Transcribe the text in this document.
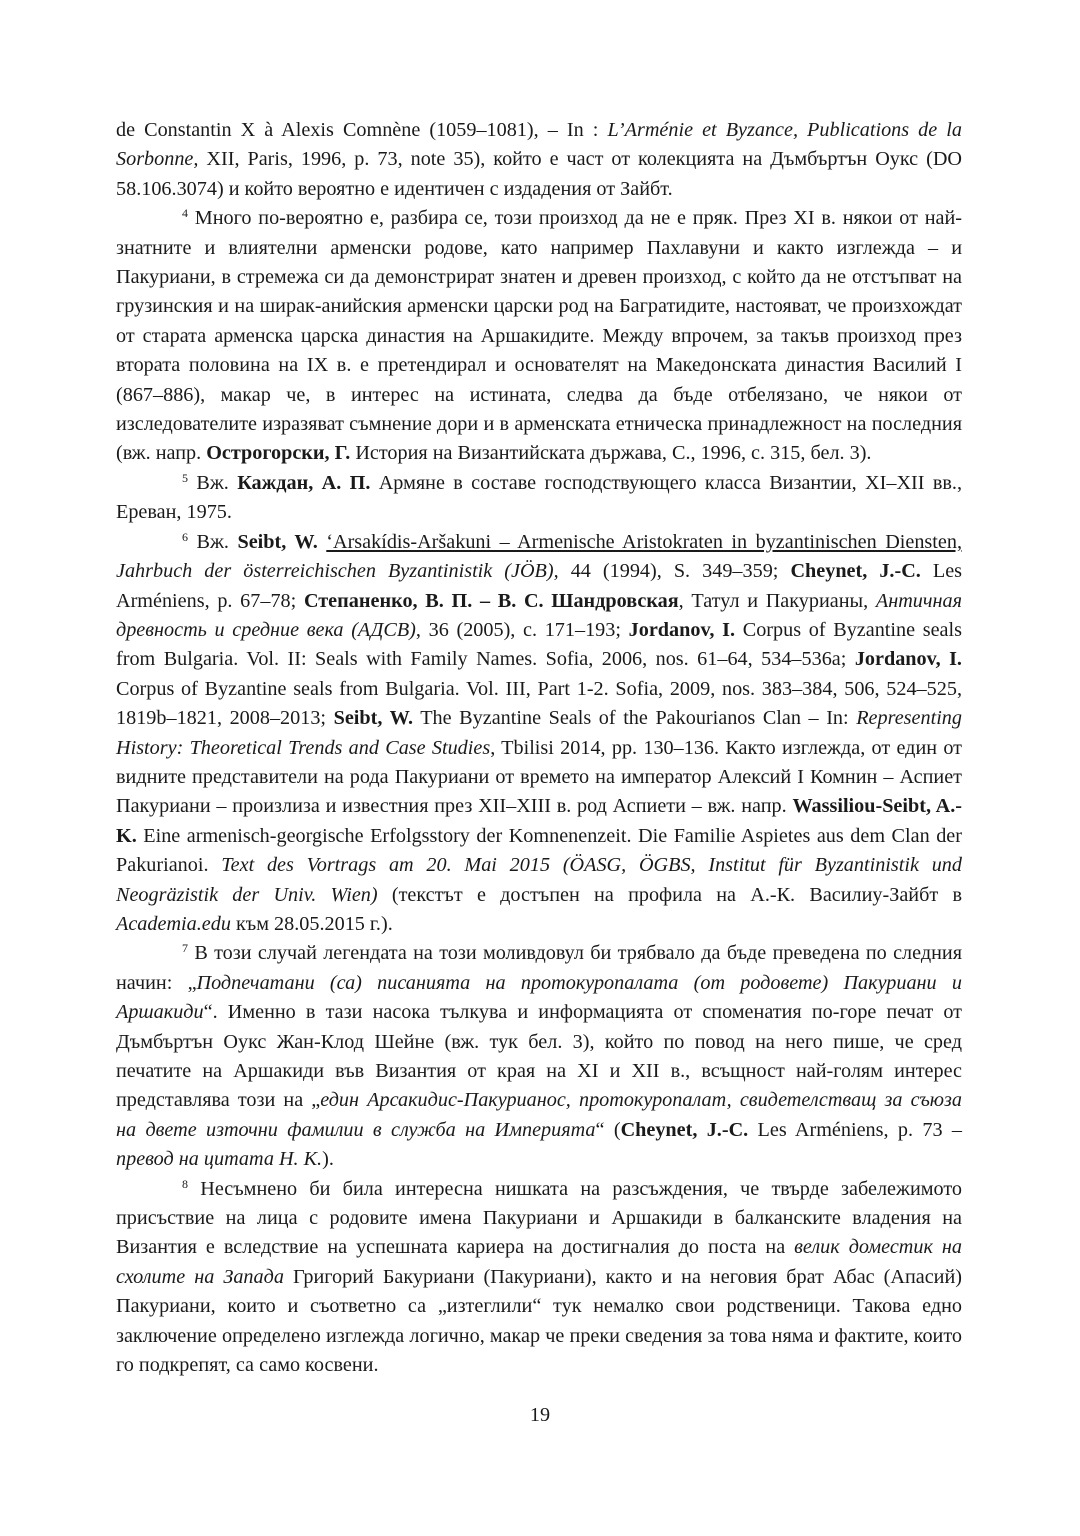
de Constantin X à Alexis Comnène (1059–1081), – In : L’Arménie et Byzance, Publications de la Sorbonne, XII, Paris, 1996, p. 73, note 35), който е част от колекцията на Дъмбъртън Оукс (DO 58.106.3074) и който вероятно е идентичен с издадения от Зайбт.

$^4$ Много по-вероятно е, разбира се, този произход да не е пряк. През XI в. някои от най-знатните и влиятелни арменски родове, като например Пахлавуни и както изглежда – и Пакуриани, в стремежа си да демонстрират знатен и древен произход, с който да не отстъпват на грузинския и на ширак-анийския арменски царски род на Багратидите, настояват, че произхождат от старата арменска царска династия на Аршакидите. Между впрочем, за такъв произход през втората половина на IX в. е претендирал и основателят на Македонската династия Василий I (867–886), макар че, в интерес на истината, следва да бъде отбелязано, че някои от изследователите изразяват съмнение дори и в арменската етническа принадлежност на последния (вж. напр. Острогорски, Г. История на Византийската държава, С., 1996, с. 315, бел. 3).

$^5$ Вж. Каждан, А. П. Армяне в составе господствующего класса Византии, XI–XII вв., Ереван, 1975.

$^6$ Вж. Seibt, W. ‘Arsakídis-Aršakuni – Armenische Aristokraten in byzantinischen Diensten, Jahrbuch der österreichischen Byzantinistik (JÖB), 44 (1994), S. 349–359; Cheynet, J.-C. Les Arméniens, p. 67–78; Степаненко, В. П. – В. С. Шандровская, Татул и Пакурианы, Античная древность и средние века (АДСВ), 36 (2005), с. 171–193; Jordanov, I. Corpus of Byzantine seals from Bulgaria. Vol. II: Seals with Family Names. Sofia, 2006, nos. 61–64, 534–536a; Jordanov, I. Corpus of Byzantine seals from Bulgaria. Vol. III, Part 1-2. Sofia, 2009, nos. 383–384, 506, 524–525, 1819b–1821, 2008–2013; Seibt, W. The Byzantine Seals of the Pakourianos Clan – In: Representing History: Theoretical Trends and Case Studies, Tbilisi 2014, pp. 130–136. Както изглежда, от един от видните представители на рода Пакуриани от времето на император Алексий I Комнин – Аспиет Пакуриани – произлиза и известния през XII–XIII в. род Аспиети – вж. напр. Wassiliou-Seibt, A.-K. Eine armenisch-georgische Erfolgsstory der Komnenenzeit. Die Familie Aspietes aus dem Clan der Pakurianoi. Text des Vortrags am 20. Mai 2015 (ÖASG, ÖGBS, Institut für Byzantinistik und Neogräzistik der Univ. Wien) (текстът е достъпен на профила на А.-К. Василиу-Зайбт в Academia.edu към 28.05.2015 г.).

$^7$ В този случай легендата на този моливдовул би трябвало да бъде преведена по следния начин: „Подпечатани (са) писанията на протокуропалата (от родовете) Пакуриани и Аршакиди“. Именно в тази насока тълкува и информацията от споменатия по-горе печат от Дъмбъртън Оукс Жан-Клод Шейне (вж. тук бел. 3), който по повод на него пише, че сред печатите на Аршакиди във Византия от края на XI и XII в., всъщност най-голям интерес представлява този на „един Арсакидис-Пакурианос, протокуропалат, свидетелстващ за съюза на двете източни фамилии в служба на Империята“ (Cheynet, J.-C. Les Arméniens, p. 73 – превод на цитата Н. К.).

$^8$ Несъмнено би била интересна нишката на разсъждения, че твърде забележимото присъствие на лица с родовите имена Пакуриани и Аршакиди в балканските владения на Византия е вследствие на успешната кариера на достигналия до поста на велик доместик на схолите на Запада Григорий Бакуриани (Пакуриани), както и на неговия брат Абас (Апасий) Пакуриани, които и съответно са „изтеглили“ тук немалко свои родственици. Такова едно заключение определено изглежда логично, макар че преки сведения за това няма и фактите, които го подкрепят, са само косвени.

19
